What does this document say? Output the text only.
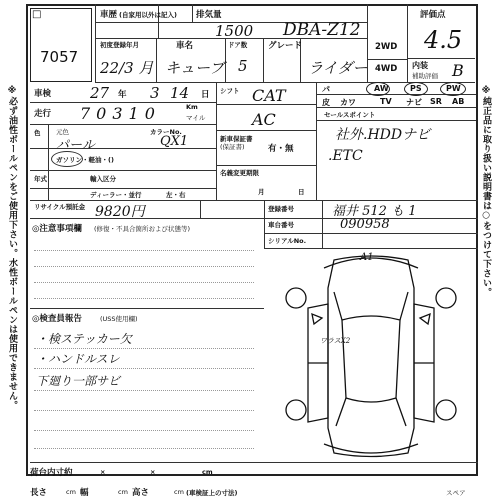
※必ず油性ボールペンをご使用下さい。水性ボールペンは使用できません。	※純正品に取り扱い説明書は○をつけて下さい。
□
7057
車歴 (自家用以外は記入) 排気量
1500 DBA-Z12
初度登録年月	車名	ドア数 グレード
22/3 月 キューブ 5	ライダー
2WD
4WD
評価点
4.5
内装
補助評価 B
車検	27 年 3 14 日
走行 70310	Km
マイル
色 元色
パール
カラーNo.
QX1
ガソリン・軽油・()
年式	輸入区分
ディーラー・並行	左・右
シフト CAT
AC
新車保証書
(保証書)	有・無
名義変更期限
月	日
パ	AW	PS	PW
皮 カワ	TV ナビ SR AB
セールスポイント
社外.HDDナビ
.ETC
リサイクル預託金 9820円	登録番号	福井 512 も 1
車台番号	090958
シリアルNo.
◎注意事項欄 (修復・不具合箇所および状態等)
◎検査員報告	(USS使用欄)
・検ステッカー欠
・ハンドルスレ
下廻り一部サビ
A1
ワラスX2
スペア
荷台内寸約	×	×	cm
長さ	cm 幅	cm 高さ	cm (車検証上の寸法)
